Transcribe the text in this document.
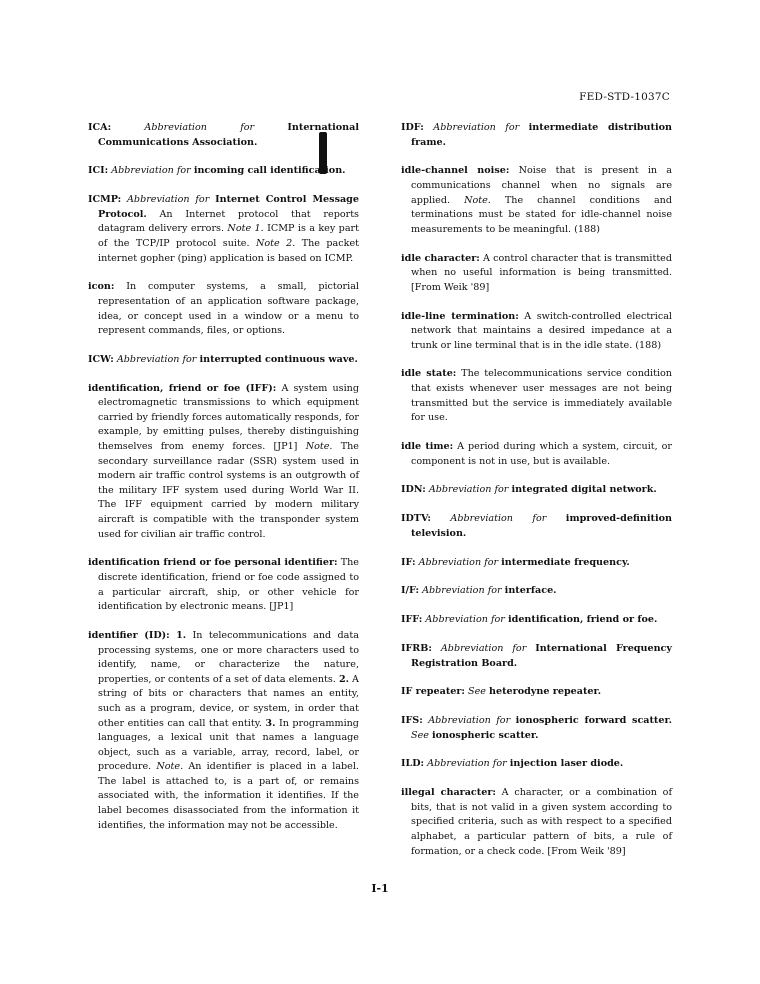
FED-STD-1037C

ICA:	Abbreviation for	International Communications Association.

ICI: Abbreviation for incoming call identification.

ICMP: Abbreviation for Internet Control Message Protocol. An Internet protocol that reports datagram delivery errors. Note 1. ICMP is a key part of the TCP/IP protocol suite. Note 2. The packet internet gopher (ping) application is based on ICMP.

icon: In computer systems, a small, pictorial representation of an application software package, idea, or concept used in a window or a menu to represent commands, files, or options.

ICW: Abbreviation for interrupted continuous wave.

identification, friend or foe (IFF): A system using electromagnetic transmissions to which equipment carried by friendly forces automatically responds, for example, by emitting pulses, thereby distinguishing themselves from enemy forces. [JP1] Note. The secondary surveillance radar (SSR) system used in modern air traffic control systems is an outgrowth of the military IFF system used during World War II. The IFF equipment carried by modern military aircraft is compatible with the transponder system used for civilian air traffic control.

identification friend or foe personal identifier: The discrete identification, friend or foe code assigned to a particular aircraft, ship, or other vehicle for identification by electronic means. [JP1]

identifier (ID): 1. In telecommunications and data processing systems, one or more characters used to identify, name, or characterize the nature, properties, or contents of a set of data elements. 2. A string of bits or characters that names an entity, such as a program, device, or system, in order that other entities can call that entity. 3. In programming languages, a lexical unit that names a language object, such as a variable, array, record, label, or procedure. Note. An identifier is placed in a label. The label is attached to, is a part of, or remains associated with, the information it identifies. If the label becomes disassociated from the information it identifies, the information may not be accessible.

IDF: Abbreviation for intermediate distribution frame.

idle-channel noise: Noise that is present in a communications channel when no signals are applied. Note. The channel conditions and terminations must be stated for idle-channel noise measurements to be meaningful. (188)

idle character: A control character that is transmitted when no useful information is being transmitted. [From Weik '89]

idle-line termination: A switch-controlled electrical network that maintains a desired impedance at a trunk or line terminal that is in the idle state. (188)

idle state: The telecommunications service condition that exists whenever user messages are not being transmitted but the service is immediately available for use.

idle time: A period during which a system, circuit, or component is not in use, but is available.

IDN: Abbreviation for integrated digital network.

IDTV: Abbreviation for improved-definition television.

IF: Abbreviation for intermediate frequency.

I/F: Abbreviation for interface.

IFF: Abbreviation for identification, friend or foe.

IFRB: Abbreviation for International Frequency Registration Board.

IF repeater: See heterodyne repeater.

IFS: Abbreviation for ionospheric forward scatter. See ionospheric scatter.

ILD: Abbreviation for injection laser diode.

illegal character: A character, or a combination of bits, that is not valid in a given system according to specified criteria, such as with respect to a specified alphabet, a particular pattern of bits, a rule of formation, or a check code. [From Weik '89]

I-1
